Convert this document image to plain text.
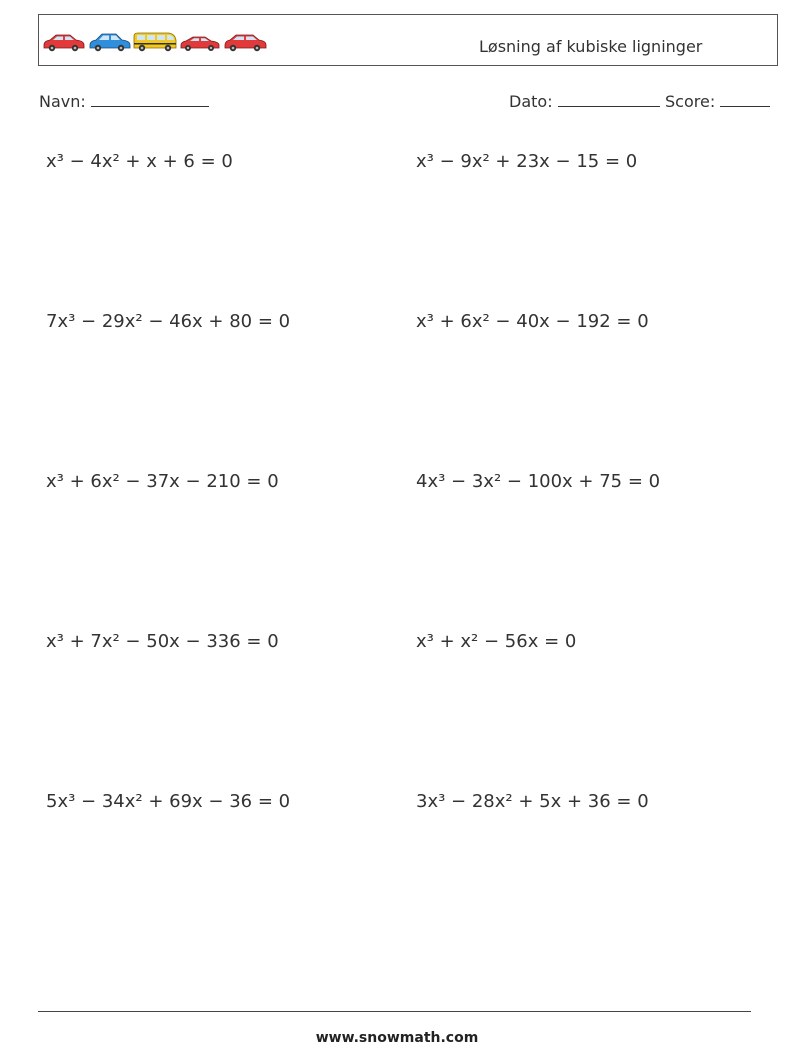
Løsning af kubiske ligninger
Navn:	Dato:	Score:
x³ − 4x² + x + 6 = 0	x³ − 9x² + 23x − 15 = 0
7x³ − 29x² − 46x + 80 = 0	x³ + 6x² − 40x − 192 = 0
x³ + 6x² − 37x − 210 = 0	4x³ − 3x² − 100x + 75 = 0
x³ + 7x² − 50x − 336 = 0	x³ + x² − 56x = 0
5x³ − 34x² + 69x − 36 = 0	3x³ − 28x² + 5x + 36 = 0
www.snowmath.com
